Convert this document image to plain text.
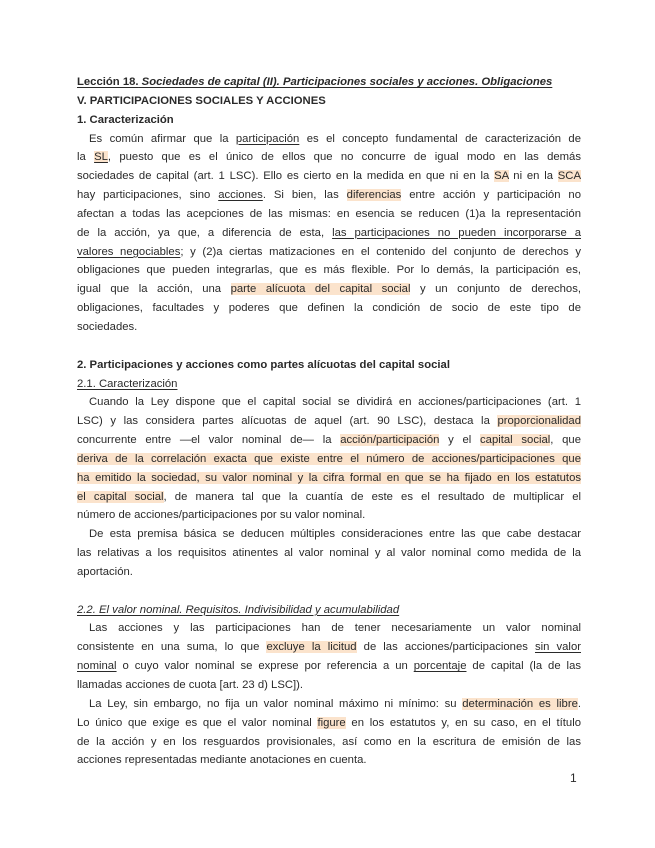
Lección 18. Sociedades de capital (II). Participaciones sociales y acciones. Obligaciones
V. PARTICIPACIONES SOCIALES Y ACCIONES
1. Caracterización
Es común afirmar que la participación es el concepto fundamental de caracterización de
la SL, puesto que es el único de ellos que no concurre de igual modo en las demás
sociedades de capital (art. 1 LSC). Ello es cierto en la medida en que ni en la SA ni en la SCA
hay participaciones, sino acciones. Si bien, las diferencias entre acción y participación no
afectan a todas las acepciones de las mismas: en esencia se reducen (1)a la representación
de la acción, ya que, a diferencia de esta, las participaciones no pueden incorporarse a
valores negociables; y (2)a ciertas matizaciones en el contenido del conjunto de derechos y
obligaciones que pueden integrarlas, que es más flexible. Por lo demás, la participación es,
igual que la acción, una parte alícuota del capital social y un conjunto de derechos,
obligaciones, facultades y poderes que definen la condición de socio de este tipo de
sociedades.
2. Participaciones y acciones como partes alícuotas del capital social
2.1. Caracterización
Cuando la Ley dispone que el capital social se dividirá en acciones/participaciones (art. 1
LSC) y las considera partes alícuotas de aquel (art. 90 LSC), destaca la proporcionalidad
concurrente entre —el valor nominal de— la acción/participación y el capital social, que
deriva de la correlación exacta que existe entre el número de acciones/participaciones que
ha emitido la sociedad, su valor nominal y la cifra formal en que se ha fijado en los estatutos
el capital social, de manera tal que la cuantía de este es el resultado de multiplicar el
número de acciones/participaciones por su valor nominal.
De esta premisa básica se deducen múltiples consideraciones entre las que cabe destacar
las relativas a los requisitos atinentes al valor nominal y al valor nominal como medida de la
aportación.
2.2. El valor nominal. Requisitos. Indivisibilidad y acumulabilidad
Las acciones y las participaciones han de tener necesariamente un valor nominal
consistente en una suma, lo que excluye la licitud de las acciones/participaciones sin valor
nominal o cuyo valor nominal se exprese por referencia a un porcentaje de capital (la de las
llamadas acciones de cuota [art. 23 d) LSC]).
La Ley, sin embargo, no fija un valor nominal máximo ni mínimo: su determinación es libre.
Lo único que exige es que el valor nominal figure en los estatutos y, en su caso, en el título
de la acción y en los resguardos provisionales, así como en la escritura de emisión de las
acciones representadas mediante anotaciones en cuenta.
1
